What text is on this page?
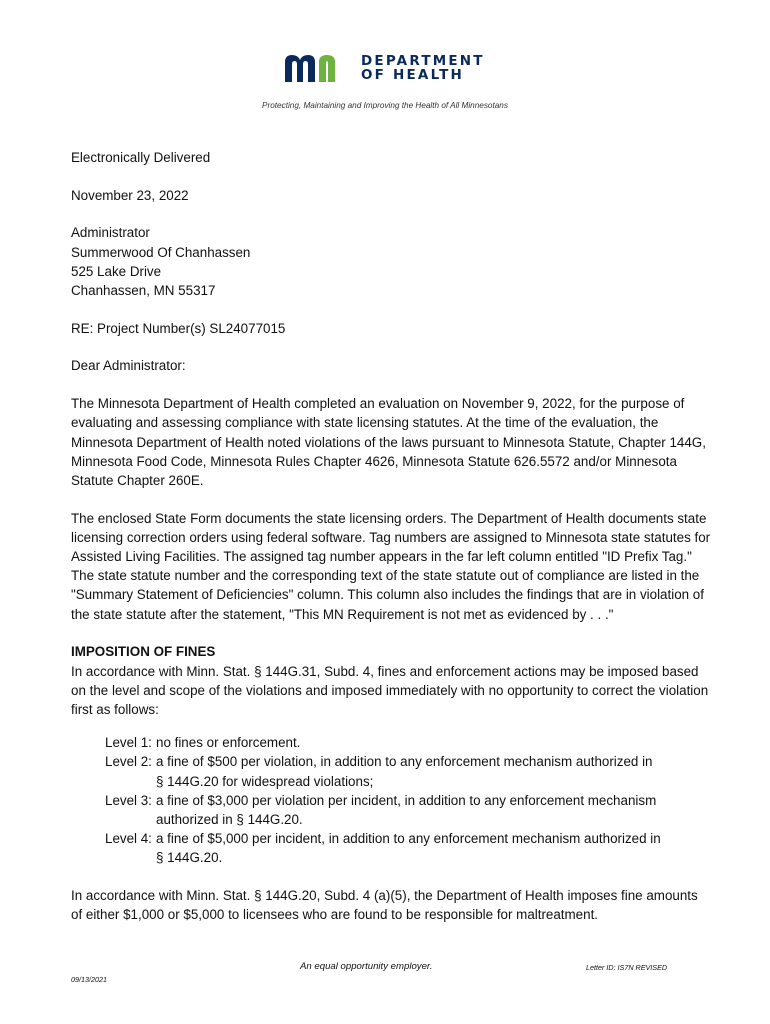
DEPARTMENT
OF HEALTH
Protecting, Maintaining and Improving the Health of All Minnesotans

Electronically Delivered

November 23, 2022

Administrator
Summerwood Of Chanhassen
525 Lake Drive
Chanhassen, MN 55317

RE: Project Number(s) SL24077015

Dear Administrator:

The Minnesota Department of Health completed an evaluation on November 9, 2022, for the purpose of evaluating and assessing compliance with state licensing statutes. At the time of the evaluation, the Minnesota Department of Health noted violations of the laws pursuant to Minnesota Statute, Chapter 144G, Minnesota Food Code, Minnesota Rules Chapter 4626, Minnesota Statute 626.5572 and/or Minnesota Statute Chapter 260E.

The enclosed State Form documents the state licensing orders. The Department of Health documents state licensing correction orders using federal software. Tag numbers are assigned to Minnesota state statutes for Assisted Living Facilities. The assigned tag number appears in the far left column entitled "ID Prefix Tag." The state statute number and the corresponding text of the state statute out of compliance are listed in the "Summary Statement of Deficiencies" column. This column also includes the findings that are in violation of the state statute after the statement, "This MN Requirement is not met as evidenced by . . ."

IMPOSITION OF FINES

In accordance with Minn. Stat. § 144G.31, Subd. 4, fines and enforcement actions may be imposed based on the level and scope of the violations and imposed immediately with no opportunity to correct the violation first as follows:

Level 1: no fines or enforcement.
Level 2: a fine of $500 per violation, in addition to any enforcement mechanism authorized in
§ 144G.20 for widespread violations;
Level 3: a fine of $3,000 per violation per incident, in addition to any enforcement mechanism
authorized in § 144G.20.
Level 4: a fine of $5,000 per incident, in addition to any enforcement mechanism authorized in
§ 144G.20.

In accordance with Minn. Stat. § 144G.20, Subd. 4 (a)(5), the Department of Health imposes fine amounts of either $1,000 or $5,000 to licensees who are found to be responsible for maltreatment.

An equal opportunity employer.	Letter ID: IS7N REVISED
09/13/2021
